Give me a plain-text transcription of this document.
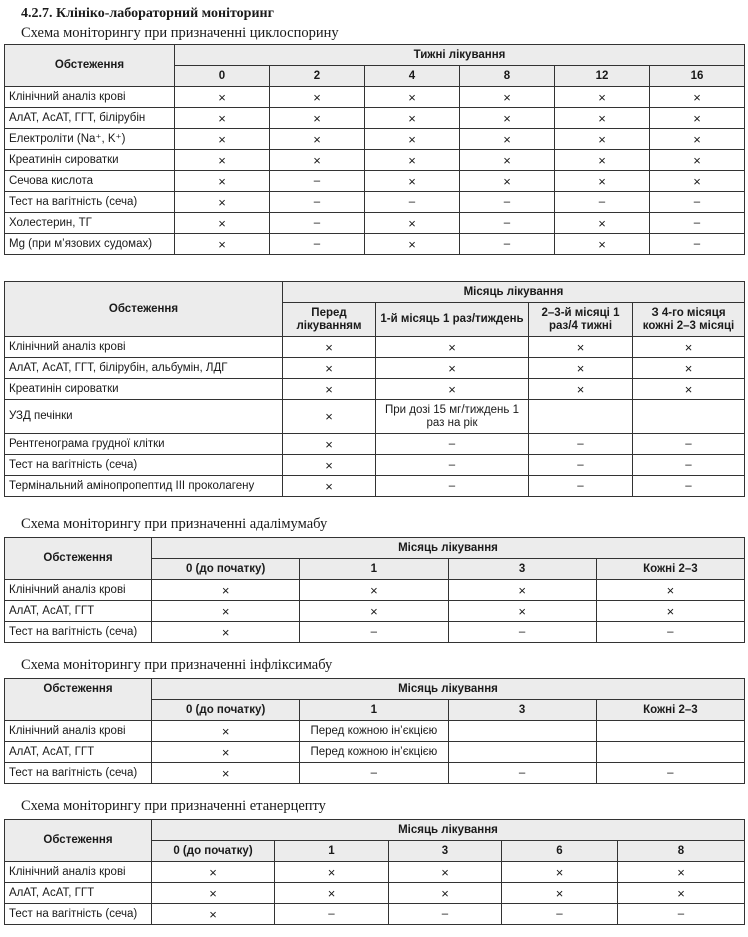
4.2.7. Клініко-лабораторний моніторинг
Схема моніторингу при призначенні циклоспорину
Обстеження	Тижні лікування					
	0	2	4	8	12	16
Клінічний аналіз крові	×	×	×	×	×	×
АлАТ, АсАТ, ГГТ, білірубін	×	×	×	×	×	×
Електроліти (Na⁺, K⁺)	×	×	×	×	×	×
Креатинін сироватки	×	×	×	×	×	×
Сечова кислота	×	–	×	×	×	×
Тест на вагітність (сеча)	×	–	–	–	–	–
Холестерин, ТГ	×	–	×	–	×	–
Mg (при м’язових судомах)	×	–	×	–	×	–
Обстеження	Місяць лікування			
	Перед лікуванням	1-й місяць 1 раз/тиждень	2–3-й місяці 1 раз/4 тижні	З 4-го місяця кожні 2–3 місяці
Клінічний аналіз крові	×	×	×	×
АлАТ, АсАТ, ГГТ, білірубін, альбумін, ЛДГ	×	×	×	×
Креатинін сироватки	×	×	×	×
УЗД печінки	×	При дозі 15 мг/тиждень 1 раз на рік		
Рентгенограма грудної клітки	×	–	–	–
Тест на вагітність (сеча)	×	–	–	–
Термінальний амінопропептид III проколагену	×	–	–	–
Схема моніторингу при призначенні адалімумабу
Обстеження	Місяць лікування			
	0 (до початку)	1	3	Кожні 2–3
Клінічний аналіз крові	×	×	×	×
АлАТ, АсАТ, ГГТ	×	×	×	×
Тест на вагітність (сеча)	×	–	–	–
Схема моніторингу при призначенні інфліксимабу
Обстеження	Місяць лікування			
	0 (до початку)	1	3	Кожні 2–3
Клінічний аналіз крові	×	Перед кожною ін’єкцією		
АлАТ, АсАТ, ГГТ	×	Перед кожною ін’єкцією		
Тест на вагітність (сеча)	×	–	–	–
Схема моніторингу при призначенні етанерцепту
Обстеження	Місяць лікування				
	0 (до початку)	1	3	6	8
Клінічний аналіз крові	×	×	×	×	×
АлАТ, АсАТ, ГГТ	×	×	×	×	×
Тест на вагітність (сеча)	×	–	–	–	–
